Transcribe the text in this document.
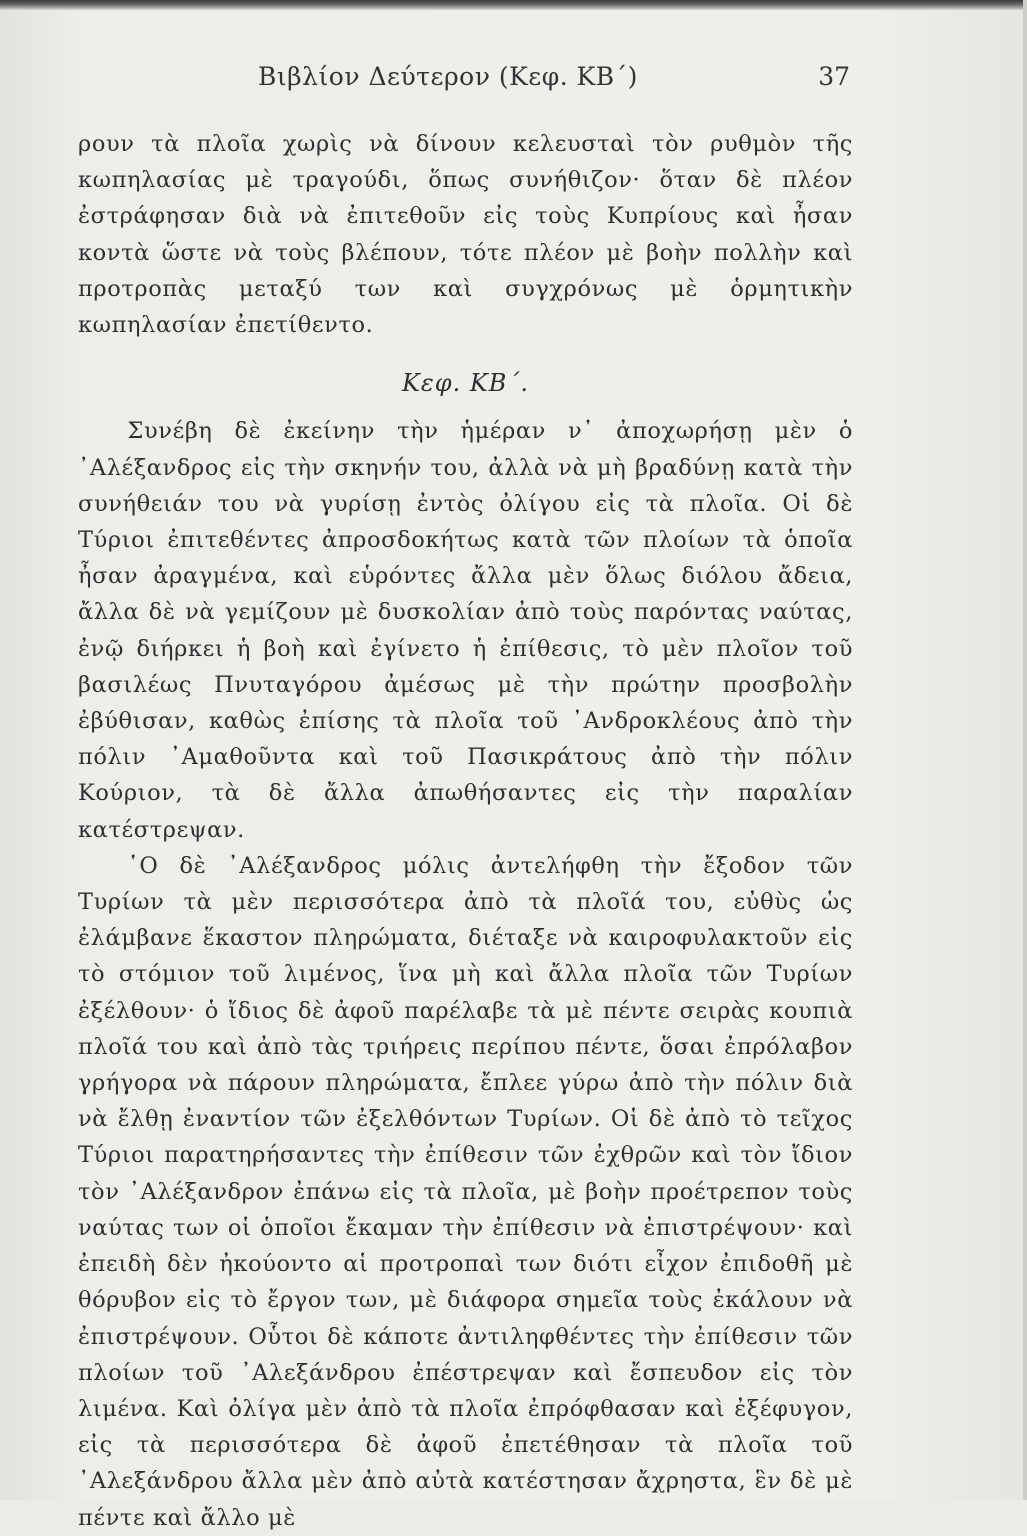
Βιβλίον Δεύτερον (Κεφ. ΚΒ΄)	37

ρουν τὰ πλοῖα χωρὶς νὰ δίνουν κελευσταὶ τὸν ρυθμὸν τῆς κωπηλασίας μὲ τραγούδι, ὅπως συνήθιζον· ὅταν δὲ πλέον ἐστράφησαν διὰ νὰ ἐπιτεθοῦν εἰς τοὺς Κυπρίους καὶ ἦσαν κοντὰ ὥστε νὰ τοὺς βλέπουν, τότε πλέον μὲ βοὴν πολλὴν καὶ προτροπὰς μεταξύ των καὶ συγχρόνως μὲ ὁρμητικὴν κωπηλασίαν ἐπετίθεντο.

Κεφ. ΚΒ΄.

Συνέβη δὲ ἐκείνην τὴν ἡμέραν ν᾽ ἀποχωρήσῃ μὲν ὁ ᾽Αλέξανδρος εἰς τὴν σκηνήν του, ἀλλὰ νὰ μὴ βραδύνῃ κατὰ τὴν συνήθειάν του νὰ γυρίσῃ ἐντὸς ὀλίγου εἰς τὰ πλοῖα. Οἱ δὲ Τύριοι ἐπιτεθέντες ἀπροσδοκήτως κατὰ τῶν πλοίων τὰ ὁποῖα ἦσαν ἀραγμένα, καὶ εὑρόντες ἄλλα μὲν ὅλως διόλου ἄδεια, ἄλλα δὲ νὰ γεμίζουν μὲ δυσκολίαν ἀπὸ τοὺς παρόντας ναύτας, ἐνῷ διήρκει ἡ βοὴ καὶ ἐγίνετο ἡ ἐπίθεσις, τὸ μὲν πλοῖον τοῦ βασιλέως Πνυταγόρου ἀμέσως μὲ τὴν πρώτην προσβολὴν ἐβύθισαν, καθὼς ἐπίσης τὰ πλοῖα τοῦ ᾽Ανδροκλέους ἀπὸ τὴν πόλιν ᾽Αμαθοῦντα καὶ τοῦ Πασικράτους ἀπὸ τὴν πόλιν Κούριον, τὰ δὲ ἄλλα ἀπωθήσαντες εἰς τὴν παραλίαν κατέστρεψαν.

῾Ο δὲ ᾽Αλέξανδρος μόλις ἀντελήφθη τὴν ἔξοδον τῶν Τυρίων τὰ μὲν περισσότερα ἀπὸ τὰ πλοῖά του, εὐθὺς ὡς ἐλάμβανε ἕκαστον πληρώματα, διέταξε νὰ καιροφυλακτοῦν εἰς τὸ στόμιον τοῦ λιμένος, ἵνα μὴ καὶ ἄλλα πλοῖα τῶν Τυρίων ἐξέλθουν· ὁ ἴδιος δὲ ἀφοῦ παρέλαβε τὰ μὲ πέντε σειρὰς κουπιὰ πλοῖά του καὶ ἀπὸ τὰς τριήρεις περίπου πέντε, ὅσαι ἐπρόλαβον γρήγορα νὰ πάρουν πληρώματα, ἔπλεε γύρω ἀπὸ τὴν πόλιν διὰ νὰ ἔλθῃ ἐναντίον τῶν ἐξελθόντων Τυρίων. Οἱ δὲ ἀπὸ τὸ τεῖχος Τύριοι παρατηρήσαντες τὴν ἐπίθεσιν τῶν ἐχθρῶν καὶ τὸν ἴδιον τὸν ᾽Αλέξανδρον ἐπάνω εἰς τὰ πλοῖα, μὲ βοὴν προέτρεπον τοὺς ναύτας των οἱ ὁποῖοι ἔκαμαν τὴν ἐπίθεσιν νὰ ἐπιστρέψουν· καὶ ἐπειδὴ δὲν ἠκούοντο αἱ προτροπαὶ των διότι εἶχον ἐπιδοθῆ μὲ θόρυβον εἰς τὸ ἔργον των, μὲ διάφορα σημεῖα τοὺς ἐκάλουν νὰ ἐπιστρέψουν. Οὗτοι δὲ κάποτε ἀντιληφθέντες τὴν ἐπίθεσιν τῶν πλοίων τοῦ ᾽Αλεξάνδρου ἐπέστρεψαν καὶ ἔσπευδον εἰς τὸν λιμένα. Καὶ ὀλίγα μὲν ἀπὸ τὰ πλοῖα ἐπρόφθασαν καὶ ἐξέφυγον, εἰς τὰ περισσότερα δὲ ἀφοῦ ἐπετέθησαν τὰ πλοῖα τοῦ ᾽Αλεξάνδρου ἄλλα μὲν ἀπὸ αὐτὰ κατέστησαν ἄχρηστα, ἓν δὲ μὲ πέντε καὶ ἄλλο μὲ
